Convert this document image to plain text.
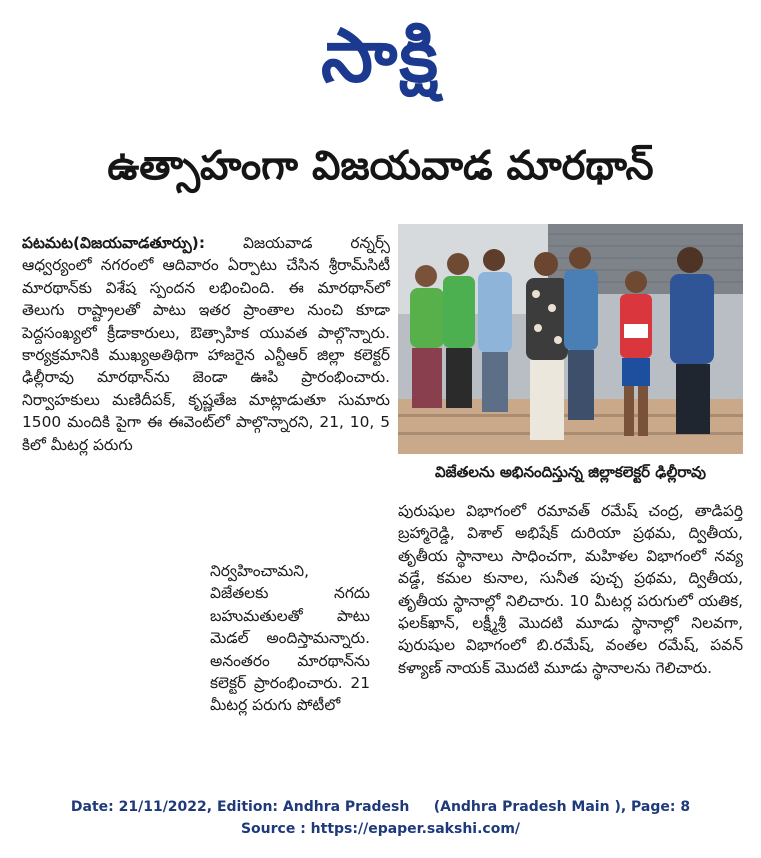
సాక్షి
ఉత్సాహంగా విజయవాడ మారథాన్

పటమట(విజయవాడతూర్పు): విజయవాడ రన్నర్స్ ఆధ్వర్యంలో నగరంలో ఆదివారం ఏర్పాటు చేసిన శ్రీరామ్‌సిటీ మారథాన్‌కు విశేష స్పందన లభించింది. ఈ మారథాన్‌లో తెలుగు రాష్ట్రాలతో పాటు ఇతర ప్రాంతాల నుంచి కూడా పెద్దసంఖ్యలో క్రీడాకారులు, ఔత్సాహిక యువత పాల్గొన్నారు. కార్యక్రమానికి ముఖ్యఅతిథిగా హాజరైన ఎన్టీఆర్ జిల్లా కలెక్టర్ ఢిల్లీరావు మారథాన్‌ను జెండా ఊపి ప్రారంభించారు. నిర్వాహకులు మణిదీపక్, కృష్ణతేజ మాట్లాడుతూ సుమారు 1500 మందికి పైగా ఈ ఈవెంట్‌లో పాల్గొన్నారని, 21, 10, 5 కిలో మీటర్ల పరుగు

నిర్వహించామని, విజేతలకు నగదు బహుమతులతో పాటు మెడల్ అందిస్తామన్నారు. అనంతరం మారథాన్‌ను కలెక్టర్ ప్రారంభించారు. 21 మీటర్ల పరుగు పోటీలో

విజేతలను అభినందిస్తున్న జిల్లాకలెక్టర్ ఢిల్లీరావు

పురుషుల విభాగంలో రమావత్ రమేష్ చంద్ర, తాడిపర్తి బ్రహ్మారెడ్డి, విశాల్ అభిషేక్ దురియా ప్రథమ, ద్వితీయ, తృతీయ స్థానాలు సాధించగా, మహిళల విభాగంలో నవ్య వడ్డే, కమల కునాల, సునీత పుచ్చ ప్రథమ, ద్వితీయ, తృతీయ స్థానాల్లో నిలిచారు. 10 మీటర్ల పరుగులో యతిక, ఫలక్‌ఖాన్, లక్ష్మీశ్రీ మొదటి మూడు స్థానాల్లో నిలవగా, పురుషుల విభాగంలో బి.రమేష్, వంతల రమేష్, పవన్ కళ్యాణ్ నాయక్ మొదటి మూడు స్థానాలను గెలిచారు.

Date: 21/11/2022, Edition: Andhra Pradesh     (Andhra Pradesh Main ), Page: 8
Source : https://epaper.sakshi.com/
